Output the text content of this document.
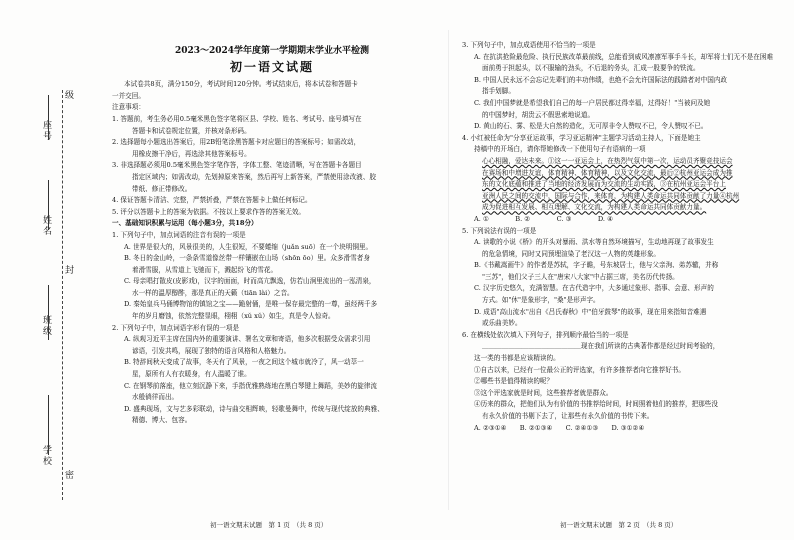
级
座号
姓名
封
班级
学校
密
2023～2024学年度第一学期期末学业水平检测
初一语文试题

本试卷共8页，满分150分，考试时间120分钟。考试结束后，将本试卷和答题卡

一并交回。

注意事项：

1. 答题前，考生务必用0.5毫米黑色签字笔将区县、学校、姓名、考试号、座号填写在

答题卡和试卷规定位置，并核对条形码。

2. 选择题每小题选出答案后，用2B铅笔涂黑答题卡对应题目的答案标号；如需改动，

用橡皮擦干净后，再选涂其他答案标号。

3. 非选择题必须用0.5毫米黑色签字笔作答，字体工整、笔迹清晰，写在答题卡各题目

指定区域内；如需改动，先划掉原来答案，然后再写上新答案，严禁使用涂改液、胶

带纸、修正带修改。

4. 保证答题卡清洁、完整，严禁折叠，严禁在答题卡上做任何标记。

5. 评分以答题卡上的答案为依据。不按以上要求作答的答案无效。

一、基础知识积累与运用（每小题3分，共18分）

1. 下列句子中，加点词语的注音有误的一项是

A. 世界是很大的，风景很美的，人生很短，不要蜷缩（juǎn suō）在一个块明铜里。

B. 冬日的金山岭，一条条雪道像丝带一样镶嵌在山场（shōn ōo）里。众多滑雪者身

着滑雪服，从雪道上飞驰而下，溅起纷飞的雪花。

C. 母亲唱打散皮(皮影戏)，汉字的面面，时而高亢飘逸，仿若山涧里流出的一泓清泉，

水一样的温厚醇酢，那是真正的天籁（tiān lài）之音。

D. 秦始皇兵马俑博物馆的镇馆之宝——跪射俑，是唯一保存最完整的一尊，虽经两千多

年的岁月磨蚀，依然完整显眼，栩栩（xǔ xǔ）如生，真是令人惊奇。

2. 下列句子中，加点词语字形有误的一项是

A. 纵观习近平主席在国内外的重要演讲、署名文章和寄语，他多次根据受众需求引用

谚语，引发共鸣，展现了独特的语言风格和人格魅力。

B. 特辞间秋天变成了故事，冬天有了风景，一夜之间这个城市就冷了，风一动萃一

星，原所有人有衣暖身，有人温暖了谁。

C. 在钢琴前落座，他立刻沉静下来，手指优雅熟练地在黑白琴键上舞蹈，美妙的旋律流

水般徜徉而出。

D. 盛典现场，文与艺多彩联动，诗与曲交相辉映，轻歌曼舞中，传统与现代绽放的典雅、

精德、博大、包容。

初一语文期末试题　第 1 页　（共 8 页）

3. 下列句子中，加点成语使用不恰当的一项是

A. 在抗洪抢险最危险、执行民族改革最前线，总能看到威风凛凛军事手斗长，却军将士们无不是在困难

面前勇于担起头，以不服输的劲头，不后退的务头，汇成一股要争的铁流。

B. 中国人民永远不会忘记先辈们的丰功伟绩，也绝不会允许国际法的践踏者对中国内政

指手划脚。

C. 我们中国梦就是希望我们自己的每一户居民都过得幸福，过得好！"当被问及她

的中国梦时，胡贵云不假思索地说道。

D. 黄山的石、雾、松是大自然的造化，无可厚非令人赞叹不已，令人赞叹不已。

4. 小红被任命为"分享亚运故事，学习亚运精神"主题学习活动主持人，下面是她主

持稿中的开场白，请你帮她修改一下使用句子有语病的一项

心心相融，爱达未来。①这一一亚运会上，在热烈气氛中第一次，运动员齐聚竞技运会

在赛场和中增进友谊，体育精神、体育精神，以及文化交流，最后②杭州亚运会成为推

东的文化底蕴和推进了当地的经济发展而为交流的生动实践，③在杭州亚运会平台上

亚洲人民之间的交流中，国际与合作，来体育，为构建人类命运共同体贡献了力量④杭州

成为促进相互发展、相互理解、文化交流，为构建人类命运共同体贡献力量。

A. ①　　　　B. ②　　　　C. ③　　　　D. ④

5. 下列说法有误的一项是

A. 读歌的小说《桥》的开头对暴雨、洪水等自然环境描写，生动地再现了故事发生

的危急情境，同时又同预埋渲染了老汉这一人物的英雄形象。

B.《书戴嵩画牛》的作者是苏轼，字子瞻，号东坡居士，他与父亲洵、弟苏辙，并称

"三苏"，他们父子三人在"唐宋八大家"中占据三席，美名历代传扬。

C. 汉字历史悠久，充满智慧。在古代造字中，大多通过象形、指事、会意、形声的

方式。如"休"是象形字，"桑"是形声字。

D. 成语"高山流水"出自《吕氏春秋》中"伯牙鼓琴"的故事，现在用来指知音难遇

或乐曲美妙。

6. 在横线处依次填入下列句子，排列顺序最恰当的一项是

＿＿＿＿＿＿＿＿＿＿＿＿＿＿＿现在我们所读的古典著作都是经过时间考验的，

这一类的书都是应该精读的。

①自古以来，已经有一位最公正的评选家，有许多推荐者向它推荐好书。

②哪些书是值得精读的呢？

③这个评选家就是时间，这些推荐者就是群众。

④历来的群众，把他们认为有价值的书推荐给时间，时间照着他们的推荐，把那些没

有永久价值的书剔下去了，让那些有永久价值的书传下来。

A. ②③①④　　B. ②①③④　　C. ②④①③　　D. ③①②④

初一语文期末试题　第 2 页　（共 8 页）
